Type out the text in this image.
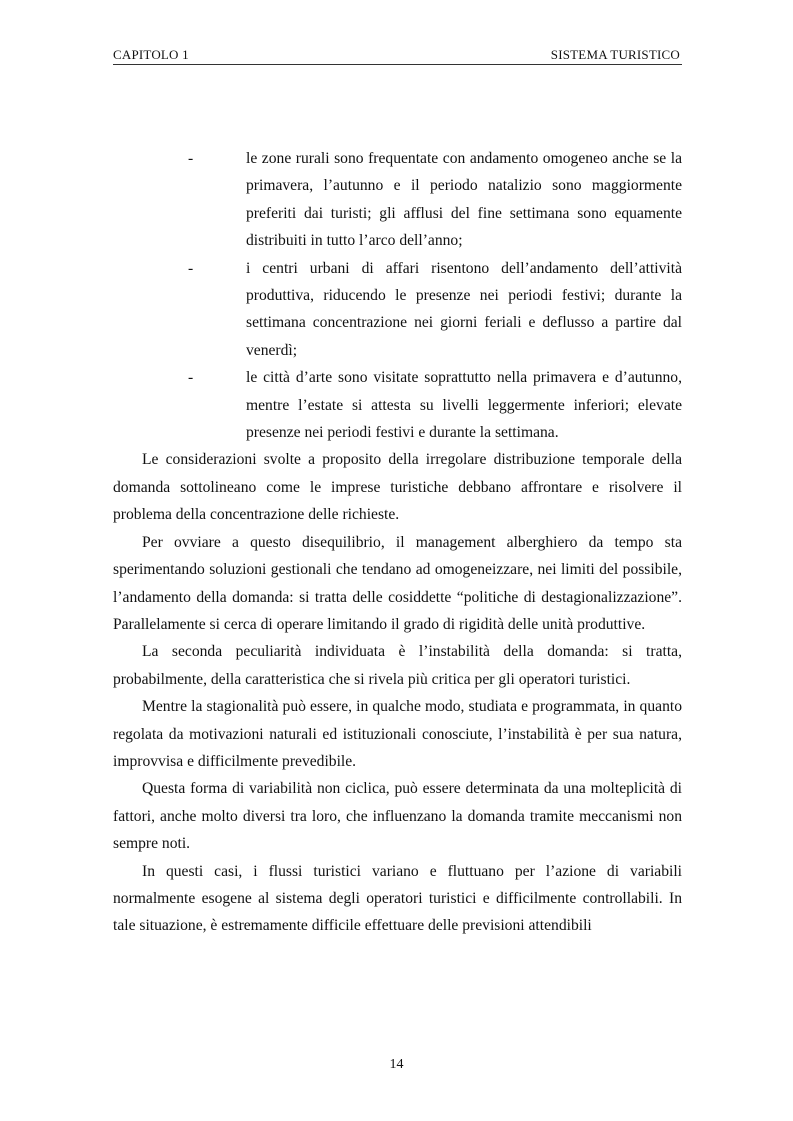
CAPITOLO 1	SISTEMA TURISTICO
-	le zone rurali sono frequentate con andamento omogeneo anche se la primavera, l’autunno e il periodo natalizio sono maggiormente preferiti dai turisti; gli afflusi del fine settimana sono equamente distribuiti in tutto l’arco dell’anno;
-	i centri urbani di affari risentono dell’andamento dell’attività produttiva, riducendo le presenze nei periodi festivi; durante la settimana concentrazione nei giorni feriali e deflusso a partire dal venerdì;
-	le città d’arte sono visitate soprattutto nella primavera e d’autunno, mentre l’estate si attesta su livelli leggermente inferiori; elevate presenze nei periodi festivi e durante la settimana.

Le considerazioni svolte a proposito della irregolare distribuzione temporale della domanda sottolineano come le imprese turistiche debbano affrontare e risolvere il problema della concentrazione delle richieste.

Per ovviare a questo disequilibrio, il management alberghiero da tempo sta sperimentando soluzioni gestionali che tendano ad omogeneizzare, nei limiti del possibile, l’andamento della domanda: si tratta delle cosiddette “politiche di destagionalizzazione”. Parallelamente si cerca di operare limitando il grado di rigidità delle unità produttive.

La seconda peculiarità individuata è l’instabilità della domanda: si tratta, probabilmente, della caratteristica che si rivela più critica per gli operatori turistici.

Mentre la stagionalità può essere, in qualche modo, studiata e programmata, in quanto regolata da motivazioni naturali ed istituzionali conosciute, l’instabilità è per sua natura, improvvisa e difficilmente prevedibile.

Questa forma di variabilità non ciclica, può essere determinata da una molteplicità di fattori, anche molto diversi tra loro, che influenzano la domanda tramite meccanismi non sempre noti.

In questi casi, i flussi turistici variano e fluttuano per l’azione di variabili normalmente esogene al sistema degli operatori turistici e difficilmente controllabili. In tale situazione, è estremamente difficile effettuare delle previsioni attendibili

14
